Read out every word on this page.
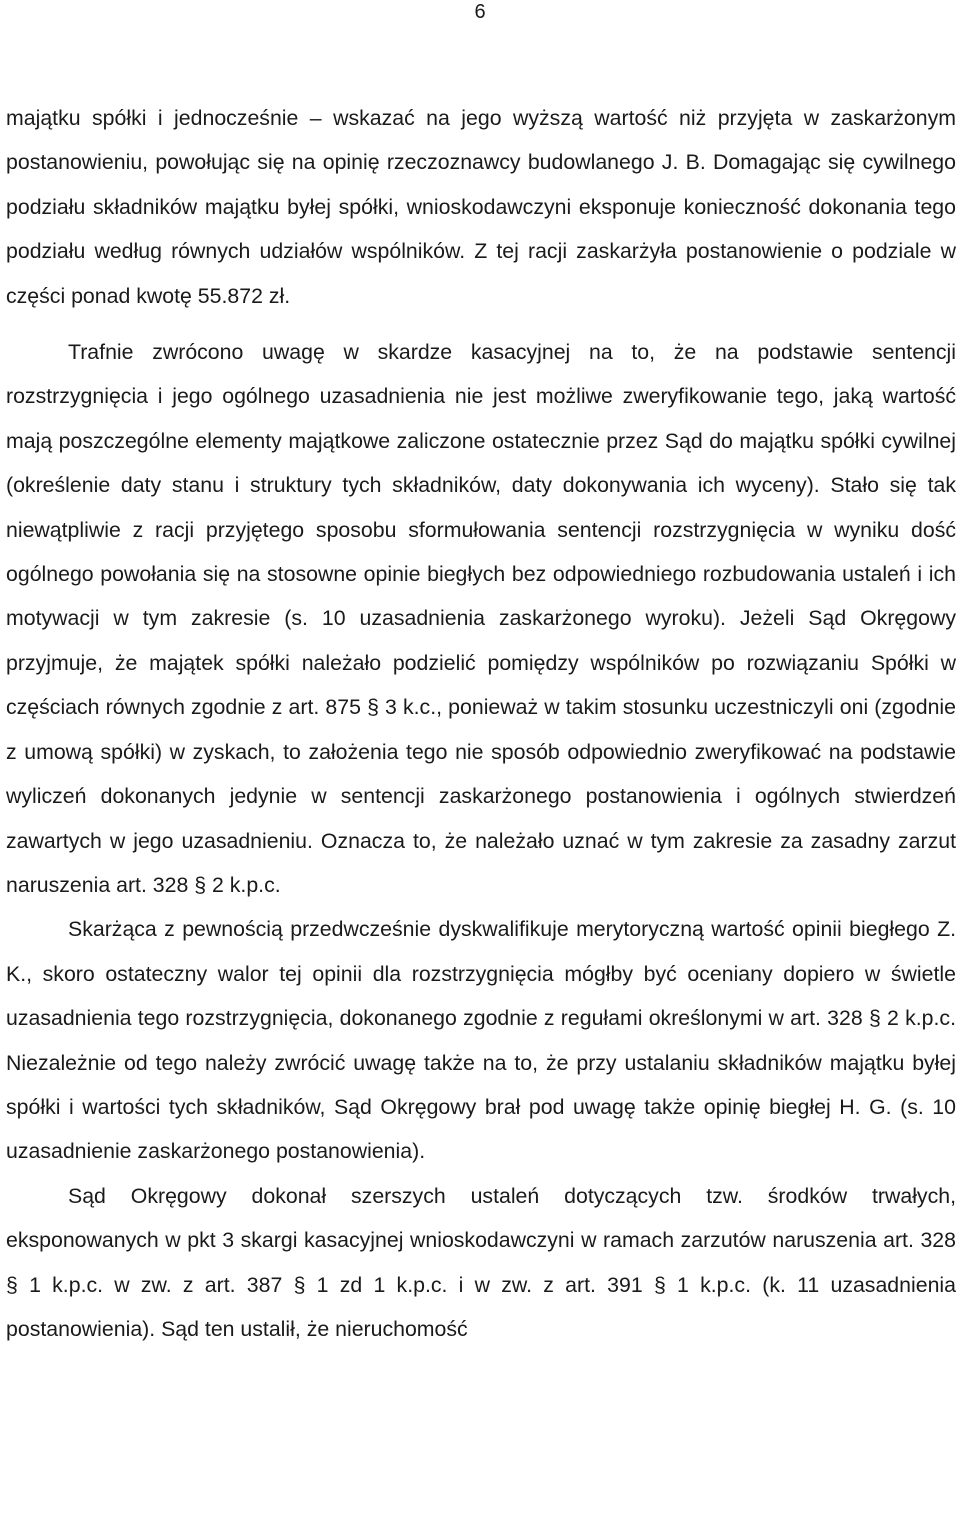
6

majątku spółki i jednocześnie – wskazać na jego wyższą wartość niż przyjęta w zaskarżonym postanowieniu, powołując się na opinię rzeczoznawcy budowlanego J. B. Domagając się cywilnego podziału składników majątku byłej spółki, wnioskodawczyni eksponuje konieczność dokonania tego podziału według równych udziałów wspólników. Z tej racji zaskarżyła postanowienie o podziale w części ponad kwotę 55.872 zł.

Trafnie zwrócono uwagę w skardze kasacyjnej na to, że na podstawie sentencji rozstrzygnięcia i jego ogólnego uzasadnienia nie jest możliwe zweryfikowanie tego, jaką wartość mają poszczególne elementy majątkowe zaliczone ostatecznie przez Sąd do majątku spółki cywilnej (określenie daty stanu i struktury tych składników, daty dokonywania ich wyceny). Stało się tak niewątpliwie z racji przyjętego sposobu sformułowania sentencji rozstrzygnięcia w wyniku dość ogólnego powołania się na stosowne opinie biegłych bez odpowiedniego rozbudowania ustaleń i ich motywacji w tym zakresie (s. 10 uzasadnienia zaskarżonego wyroku). Jeżeli Sąd Okręgowy przyjmuje, że majątek spółki należało podzielić pomiędzy wspólników po rozwiązaniu Spółki w częściach równych zgodnie z art. 875 § 3 k.c., ponieważ w takim stosunku uczestniczyli oni (zgodnie z umową spółki) w zyskach, to założenia tego nie sposób odpowiednio zweryfikować na podstawie wyliczeń dokonanych jedynie w sentencji zaskarżonego postanowienia i ogólnych stwierdzeń zawartych w jego uzasadnieniu. Oznacza to, że należało uznać w tym zakresie za zasadny zarzut naruszenia art. 328 § 2 k.p.c.

Skarżąca z pewnością przedwcześnie dyskwalifikuje merytoryczną wartość opinii biegłego Z. K., skoro ostateczny walor tej opinii dla rozstrzygnięcia mógłby być oceniany dopiero w świetle uzasadnienia tego rozstrzygnięcia, dokonanego zgodnie z regułami określonymi w art. 328 § 2 k.p.c. Niezależnie od tego należy zwrócić uwagę także na to, że przy ustalaniu składników majątku byłej spółki i wartości tych składników, Sąd Okręgowy brał pod uwagę także opinię biegłej H. G. (s. 10 uzasadnienie zaskarżonego postanowienia).

Sąd Okręgowy dokonał szerszych ustaleń dotyczących tzw. środków trwałych, eksponowanych w pkt 3 skargi kasacyjnej wnioskodawczyni w ramach zarzutów naruszenia art. 328 § 1 k.p.c. w zw. z art. 387 § 1 zd 1 k.p.c. i w zw. z art. 391 § 1 k.p.c. (k. 11 uzasadnienia postanowienia). Sąd ten ustalił, że nieruchomość
